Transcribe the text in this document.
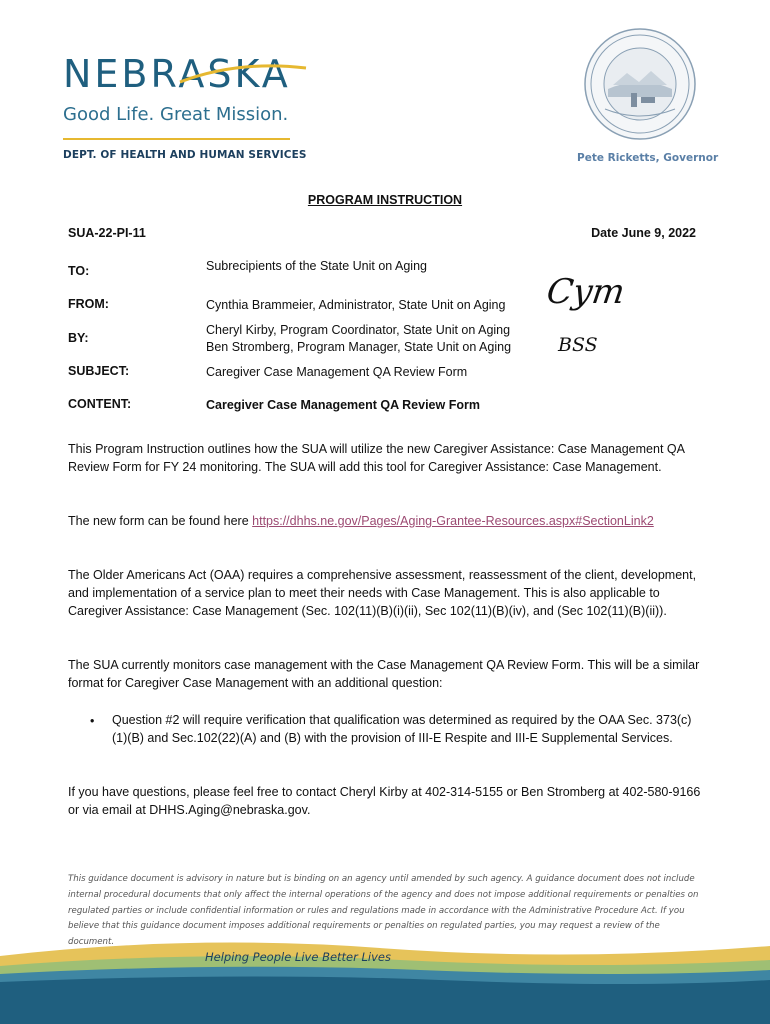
NEBRASKA
Good Life. Great Mission.
DEPT. OF HEALTH AND HUMAN SERVICES	Pete Ricketts, Governor
PROGRAM INSTRUCTION
SUA-22-PI-11	Date June 9, 2022
TO:	Subrecipients of the State Unit on Aging
FROM:	Cynthia Brammeier, Administrator, State Unit on Aging
BY:
Cheryl Kirby, Program Coordinator, State Unit on Aging
Ben Stromberg, Program Manager, State Unit on Aging
SUBJECT:	Caregiver Case Management QA Review Form
CONTENT:	Caregiver Case Management QA Review Form
Cym
BSS
This Program Instruction outlines how the SUA will utilize the new Caregiver Assistance: Case Management QA Review Form for FY 24 monitoring. The SUA will add this tool for Caregiver Assistance: Case Management.
The new form can be found here https://dhhs.ne.gov/Pages/Aging-Grantee-Resources.aspx#SectionLink2
The Older Americans Act (OAA) requires a comprehensive assessment, reassessment of the client, development, and implementation of a service plan to meet their needs with Case Management. This is also applicable to Caregiver Assistance: Case Management (Sec. 102(11)(B)(i)(ii), Sec 102(11)(B)(iv), and (Sec 102(11)(B)(ii)).
The SUA currently monitors case management with the Case Management QA Review Form. This will be a similar format for Caregiver Case Management with an additional question:
• Question #2 will require verification that qualification was determined as required by the OAA Sec. 373(c)(1)(B) and Sec.102(22)(A) and (B) with the provision of III-E Respite and III-E Supplemental Services.
If you have questions, please feel free to contact Cheryl Kirby at 402-314-5155 or Ben Stromberg at 402-580-9166 or via email at DHHS.Aging@nebraska.gov.
This guidance document is advisory in nature but is binding on an agency until amended by such agency. A guidance document does not include internal procedural documents that only affect the internal operations of the agency and does not impose additional requirements or penalties on regulated parties or include confidential information or rules and regulations made in accordance with the Administrative Procedure Act. If you believe that this guidance document imposes additional requirements or penalties on regulated parties, you may request a review of the document.
Helping People Live Better Lives
